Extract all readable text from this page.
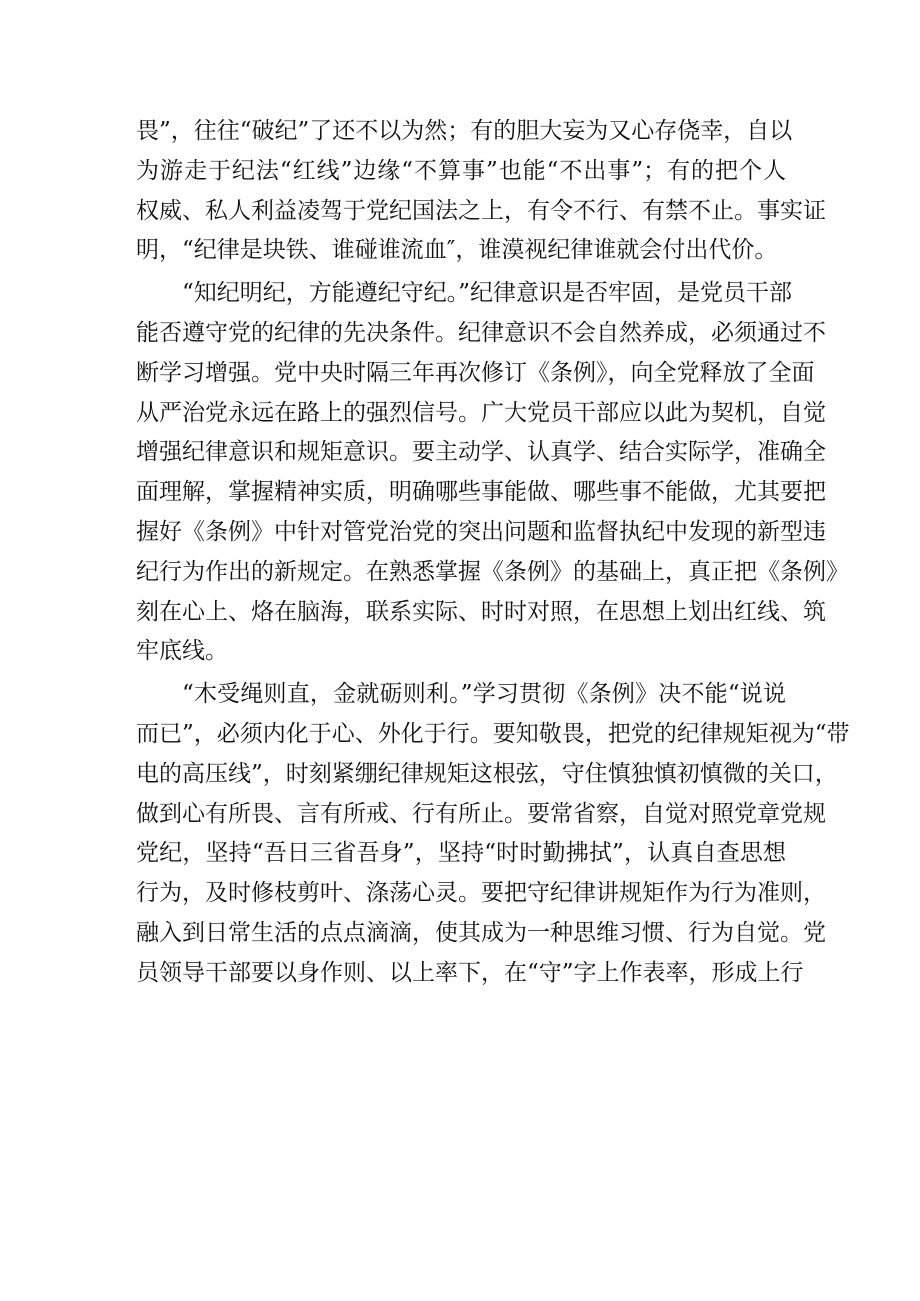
畏”，往往“破纪”了还不以为然；有的胆大妄为又心存侥幸，自以
为游走于纪法“红线”边缘“不算事”也能“不出事”；有的把个人
权威、私人利益凌驾于党纪国法之上，有令不行、有禁不止。事实证
明，“纪律是块铁、谁碰谁流血″，谁漠视纪律谁就会付出代价。
“知纪明纪，方能遵纪守纪。”纪律意识是否牢固，是党员干部
能否遵守党的纪律的先决条件。纪律意识不会自然养成，必须通过不
断学习增强。党中央时隔三年再次修订《条例》，向全党释放了全面
从严治党永远在路上的强烈信号。广大党员干部应以此为契机，自觉
增强纪律意识和规矩意识。要主动学、认真学、结合实际学，准确全
面理解，掌握精神实质，明确哪些事能做、哪些事不能做，尤其要把
握好《条例》中针对管党治党的突出问题和监督执纪中发现的新型违
纪行为作出的新规定。在熟悉掌握《条例》的基础上，真正把《条例》
刻在心上、烙在脑海，联系实际、时时对照，在思想上划出红线、筑
牢底线。
“木受绳则直，金就砺则利。”学习贯彻《条例》决不能“说说
而已”，必须内化于心、外化于行。要知敬畏，把党的纪律规矩视为“带
电的高压线”，时刻紧绷纪律规矩这根弦，守住慎独慎初慎微的关口，
做到心有所畏、言有所戒、行有所止。要常省察，自觉对照党章党规
党纪，坚持“吾日三省吾身”，坚持“时时勤拂拭”，认真自查思想
行为，及时修枝剪叶、涤荡心灵。要把守纪律讲规矩作为行为准则，
融入到日常生活的点点滴滴，使其成为一种思维习惯、行为自觉。党
员领导干部要以身作则、以上率下，在“守”字上作表率，形成上行
